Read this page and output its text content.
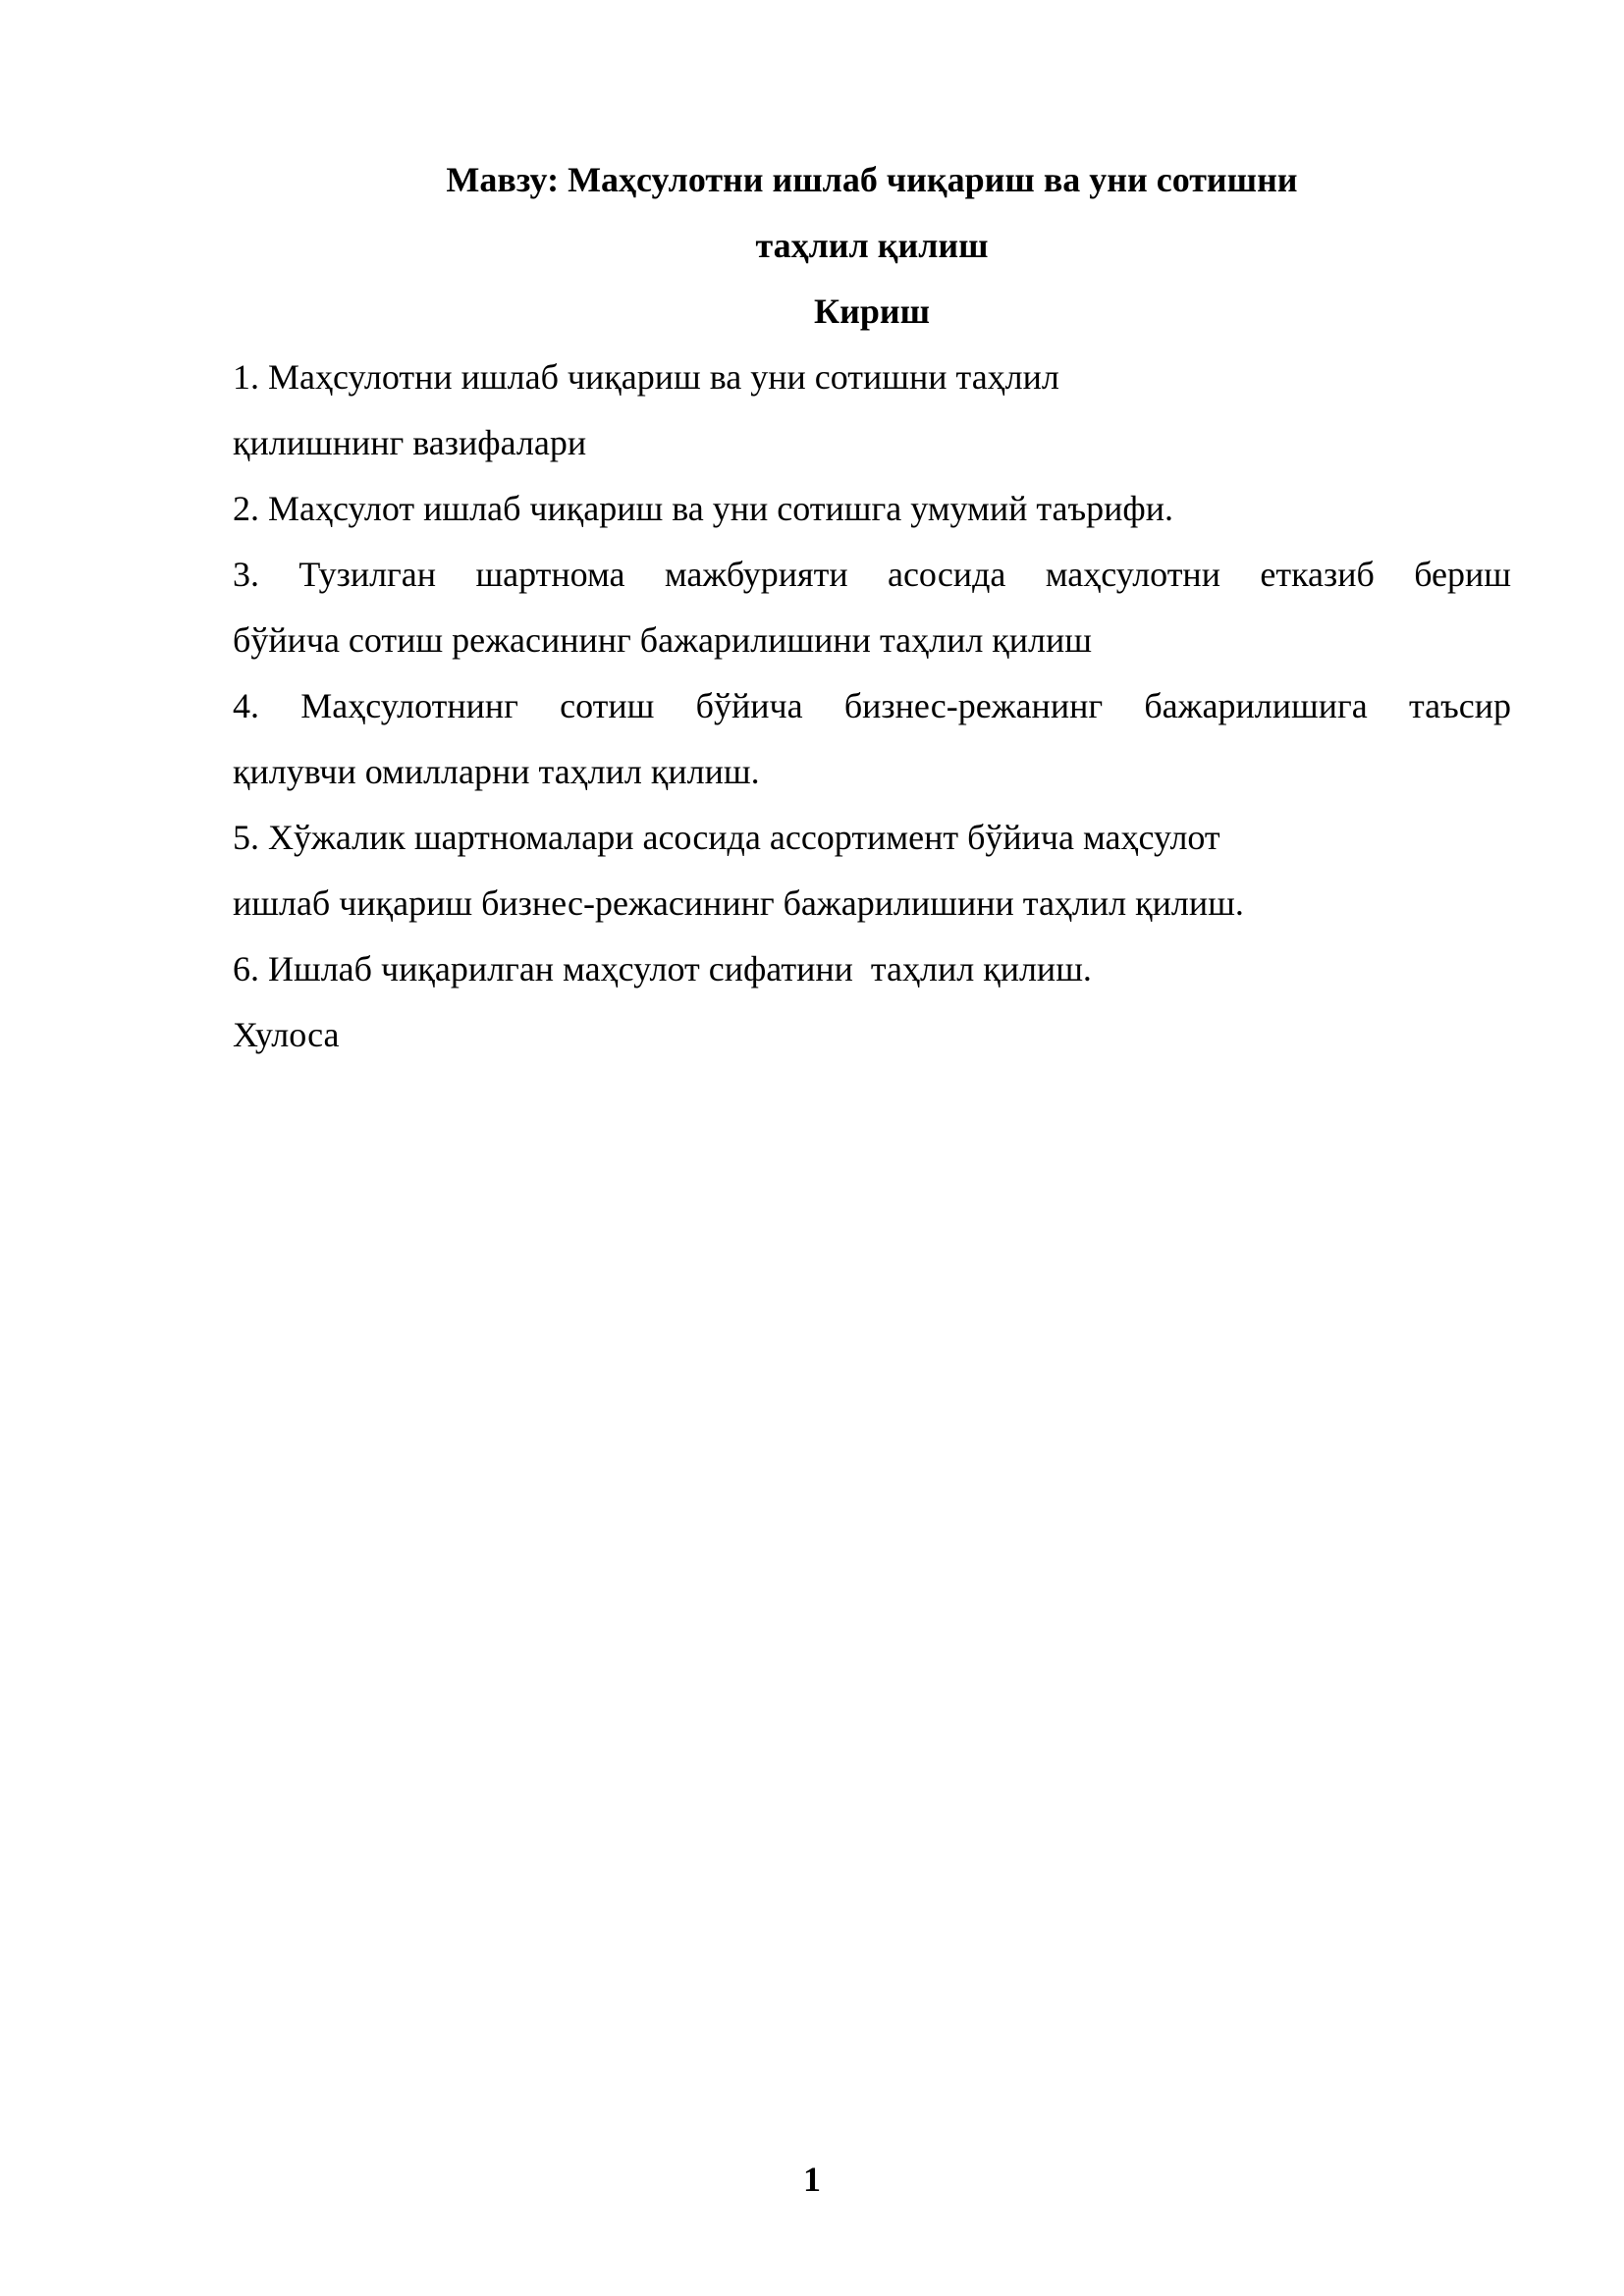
Мавзу: Маҳсулотни ишлаб чиқариш ва уни сотишни
таҳлил қилиш

Кириш

1. Маҳсулотни ишлаб чиқариш ва уни сотишни таҳлил
қилишнинг вазифалари

2. Маҳсулот ишлаб чиқариш ва уни сотишга умумий таърифи.

3. Тузилган шартнома мажбурияти асосида маҳсулотни етказиб бериш
бўйича сотиш режасининг бажарилишини таҳлил қилиш

4. Маҳсулотнинг сотиш бўйича бизнес-режанинг бажарилишига таъсир
қилувчи омилларни таҳлил қилиш.

5. Хўжалик шартномалари асосида ассортимент бўйича маҳсулот
ишлаб чиқариш бизнес-режасининг бажарилишини таҳлил қилиш.

6. Ишлаб чиқарилган маҳсулот сифатини  таҳлил қилиш.

Хулоса

1
